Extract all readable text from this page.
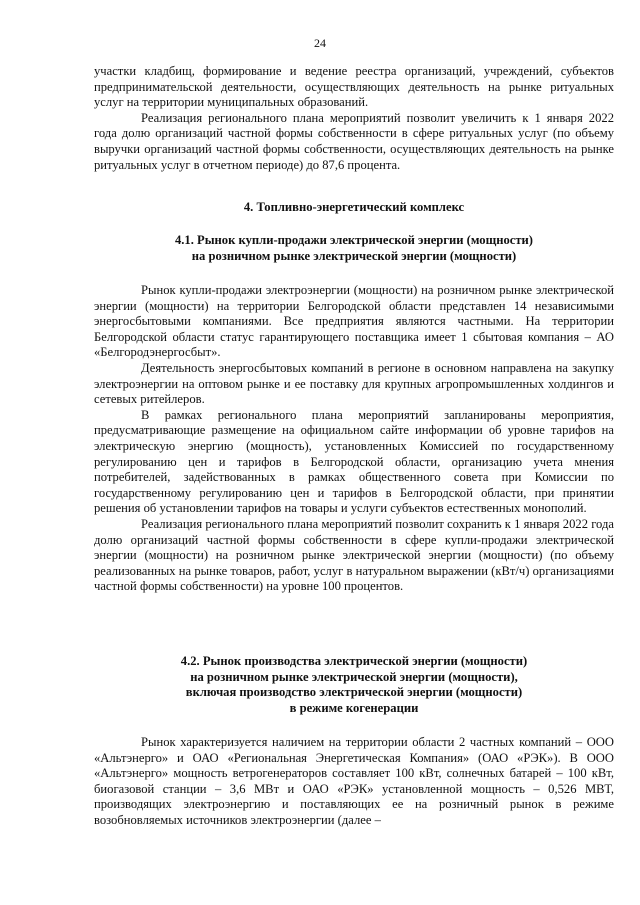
24

участки кладбищ, формирование и ведение реестра организаций, учреждений, субъектов предпринимательской деятельности, осуществляющих деятельность на рынке ритуальных услуг на территории муниципальных образований.

Реализация регионального плана мероприятий позволит увеличить к 1 января 2022 года долю организаций частной формы собственности в сфере ритуальных услуг (по объему выручки организаций частной формы собственности, осуществляющих деятельность на рынке ритуальных услуг в отчетном периоде) до 87,6 процента.

4. Топливно-энергетический комплекс
4.1. Рынок купли-продажи электрической энергии (мощности)
на розничном рынке электрической энергии (мощности)

Рынок купли-продажи электроэнергии (мощности) на розничном рынке электрической энергии (мощности) на территории Белгородской области представлен 14 независимыми энергосбытовыми компаниями. Все предприятия являются частными. На территории Белгородской области статус гарантирующего поставщика имеет 1 сбытовая компания – АО «Белгородэнергосбыт».

Деятельность энергосбытовых компаний в регионе в основном направлена на закупку электроэнергии на оптовом рынке и ее поставку для крупных агропромышленных холдингов и сетевых ритейлеров.

В рамках регионального плана мероприятий запланированы мероприятия, предусматривающие размещение на официальном сайте информации об уровне тарифов на электрическую энергию (мощность), установленных Комиссией по государственному регулированию цен и тарифов в Белгородской области, организацию учета мнения потребителей, задействованных в рамках общественного совета при Комиссии по государственному регулированию цен и тарифов в Белгородской области, при принятии решения об установлении тарифов на товары и услуги субъектов естественных монополий.

Реализация регионального плана мероприятий позволит сохранить к 1 января 2022 года долю организаций частной формы собственности в сфере купли-продажи электрической энергии (мощности) на розничном рынке электрической энергии (мощности) (по объему реализованных на рынке товаров, работ, услуг в натуральном выражении (кВт/ч) организациями частной формы собственности) на уровне 100 процентов.

4.2. Рынок производства электрической энергии (мощности)
на розничном рынке электрической энергии (мощности),
включая производство электрической энергии (мощности)
в режиме когенерации

Рынок характеризуется наличием на территории области 2 частных компаний – ООО «Альтэнерго» и ОАО «Региональная Энергетическая Компания» (ОАО «РЭК»). В ООО «Альтэнерго» мощность ветрогенераторов составляет 100 кВт, солнечных батарей – 100 кВт, биогазовой станции – 3,6 МВт и ОАО «РЭК» установленной мощность – 0,526 МВТ, производящих электроэнергию и поставляющих ее на розничный рынок в режиме возобновляемых источников электроэнергии (далее –
